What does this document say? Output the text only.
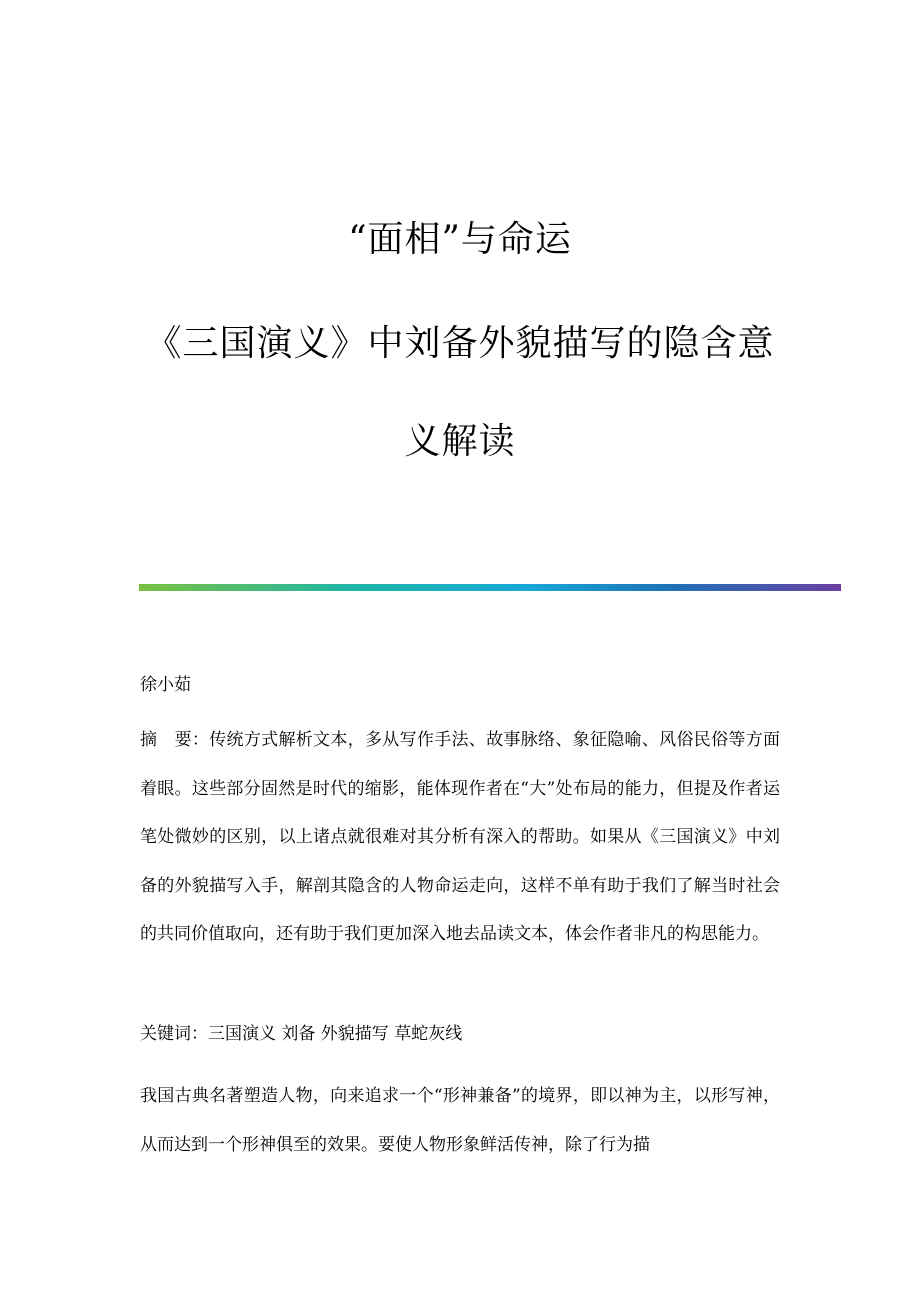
“面相”与命运
《三国演义》中刘备外貌描写的隐含意
义解读
徐小茹

摘　要：传统方式解析文本，多从写作手法、故事脉络、象征隐喻、风俗民俗等方面着眼。这些部分固然是时代的缩影，能体现作者在“大”处布局的能力，但提及作者运笔处微妙的区别，以上诸点就很难对其分析有深入的帮助。如果从《三国演义》中刘备的外貌描写入手，解剖其隐含的人物命运走向，这样不单有助于我们了解当时社会的共同价值取向，还有助于我们更加深入地去品读文本，体会作者非凡的构思能力。

关键词：三国演义 刘备 外貌描写 草蛇灰线

我国古典名著塑造人物，向来追求一个“形神兼备”的境界，即以神为主，以形写神，从而达到一个形神俱至的效果。要使人物形象鲜活传神，除了行为描
